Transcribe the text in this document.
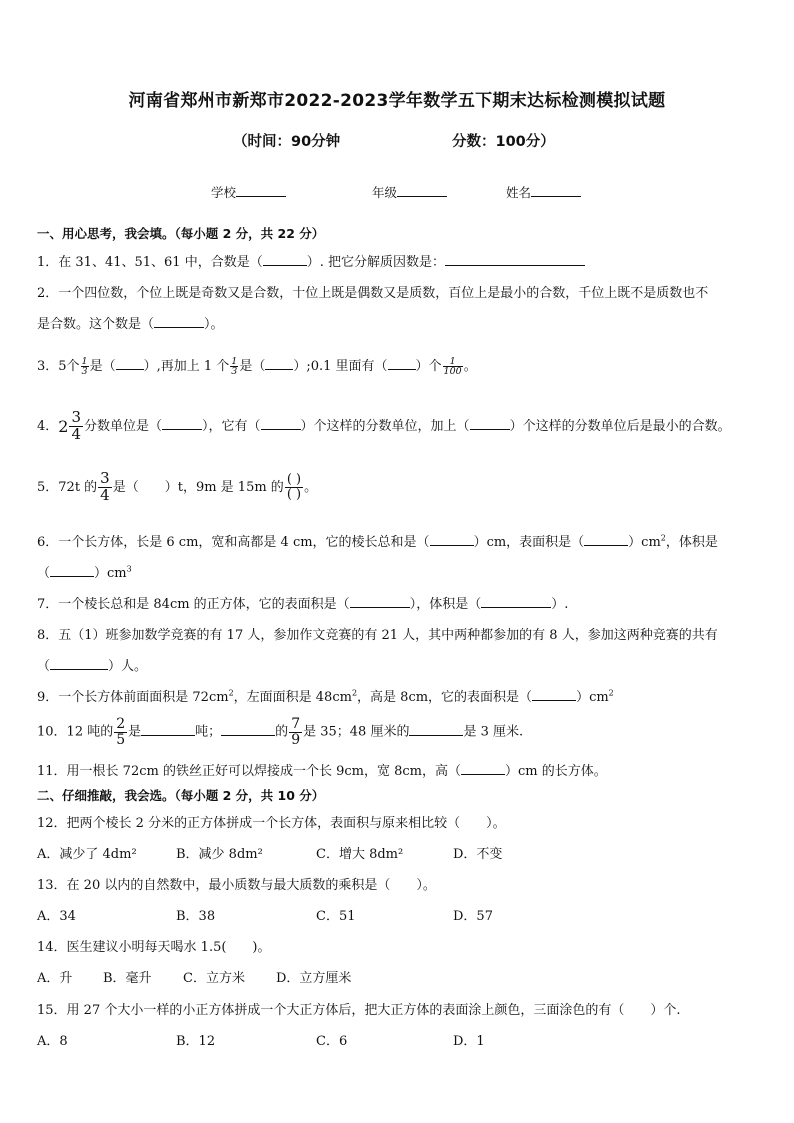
河南省郑州市新郑市2022-2023学年数学五下期末达标检测模拟试题
（时间：90分钟	分数：100分）
学校	年级	姓名
一、用心思考，我会填。（每小题 2 分，共 22 分）
1．在 31、41、51、61 中，合数是（	）. 把它分解质因数是：
2．一个四位数，个位上既是奇数又是合数，十位上既是偶数又是质数，百位上是最小的合数，千位上既不是质数也不
是合数。这个数是（	）。
3．5个 $\frac{1}{3}$ 是（ ）,再加上 1 个 $\frac{1}{3}$ 是（ ）;0.1 里面有（ ）个 $\frac{1}{100}$ 。
4．$2 \frac{3}{4}$ 分数单位是（	），它有（	）个这样的分数单位，加上（	）个这样的分数单位后是最小的合数。
5．72t 的 $\frac{3}{4}$ 是（　　）t，9m 是 15m 的
( )
( ) 。
6．一个长方体，长是 6 cm，宽和高都是 4 cm，它的棱长总和是（	）cm，表面积是（	）$cm^2$，体积是
（	）$cm^3$
7．一个棱长总和是 84cm 的正方体，它的表面积是（	），体积是（	）.
8．五（1）班参加数学竞赛的有 17 人，参加作文竞赛的有 21 人，其中两种都参加的有 8 人，参加这两种竞赛的共有
（	）人。
9．一个长方体前面面积是 $72cm^2$，左面面积是 $48cm^2$，高是 8cm，它的表面积是（	）$cm^2$
10．12 吨的 $\frac{2}{5}$ 是	吨；	的 $\frac{7}{9}$ 是 35；48 厘米的	是 3 厘米.
11．用一根长 72cm 的铁丝正好可以焊接成一个长 9cm，宽 8cm，高（	）cm 的长方体。
二、仔细推敲，我会选。（每小题 2 分，共 10 分）
12．把两个棱长 2 分米的正方体拼成一个长方体，表面积与原来相比较（　　）。
A．减少了 4dm²	B．减少 8dm²	C．增大 8dm²	D．不变
13．在 20 以内的自然数中，最小质数与最大质数的乘积是（　　）。
A．34	B．38	C．51	D．57
14．医生建议小明每天喝水 1.5(　　)。
A．升 B．毫升 C．立方米 D．立方厘米
15．用 27 个大小一样的小正方体拼成一个大正方体后，把大正方体的表面涂上颜色，三面涂色的有（　　）个.
A．8	B．12	C．6	D．1
